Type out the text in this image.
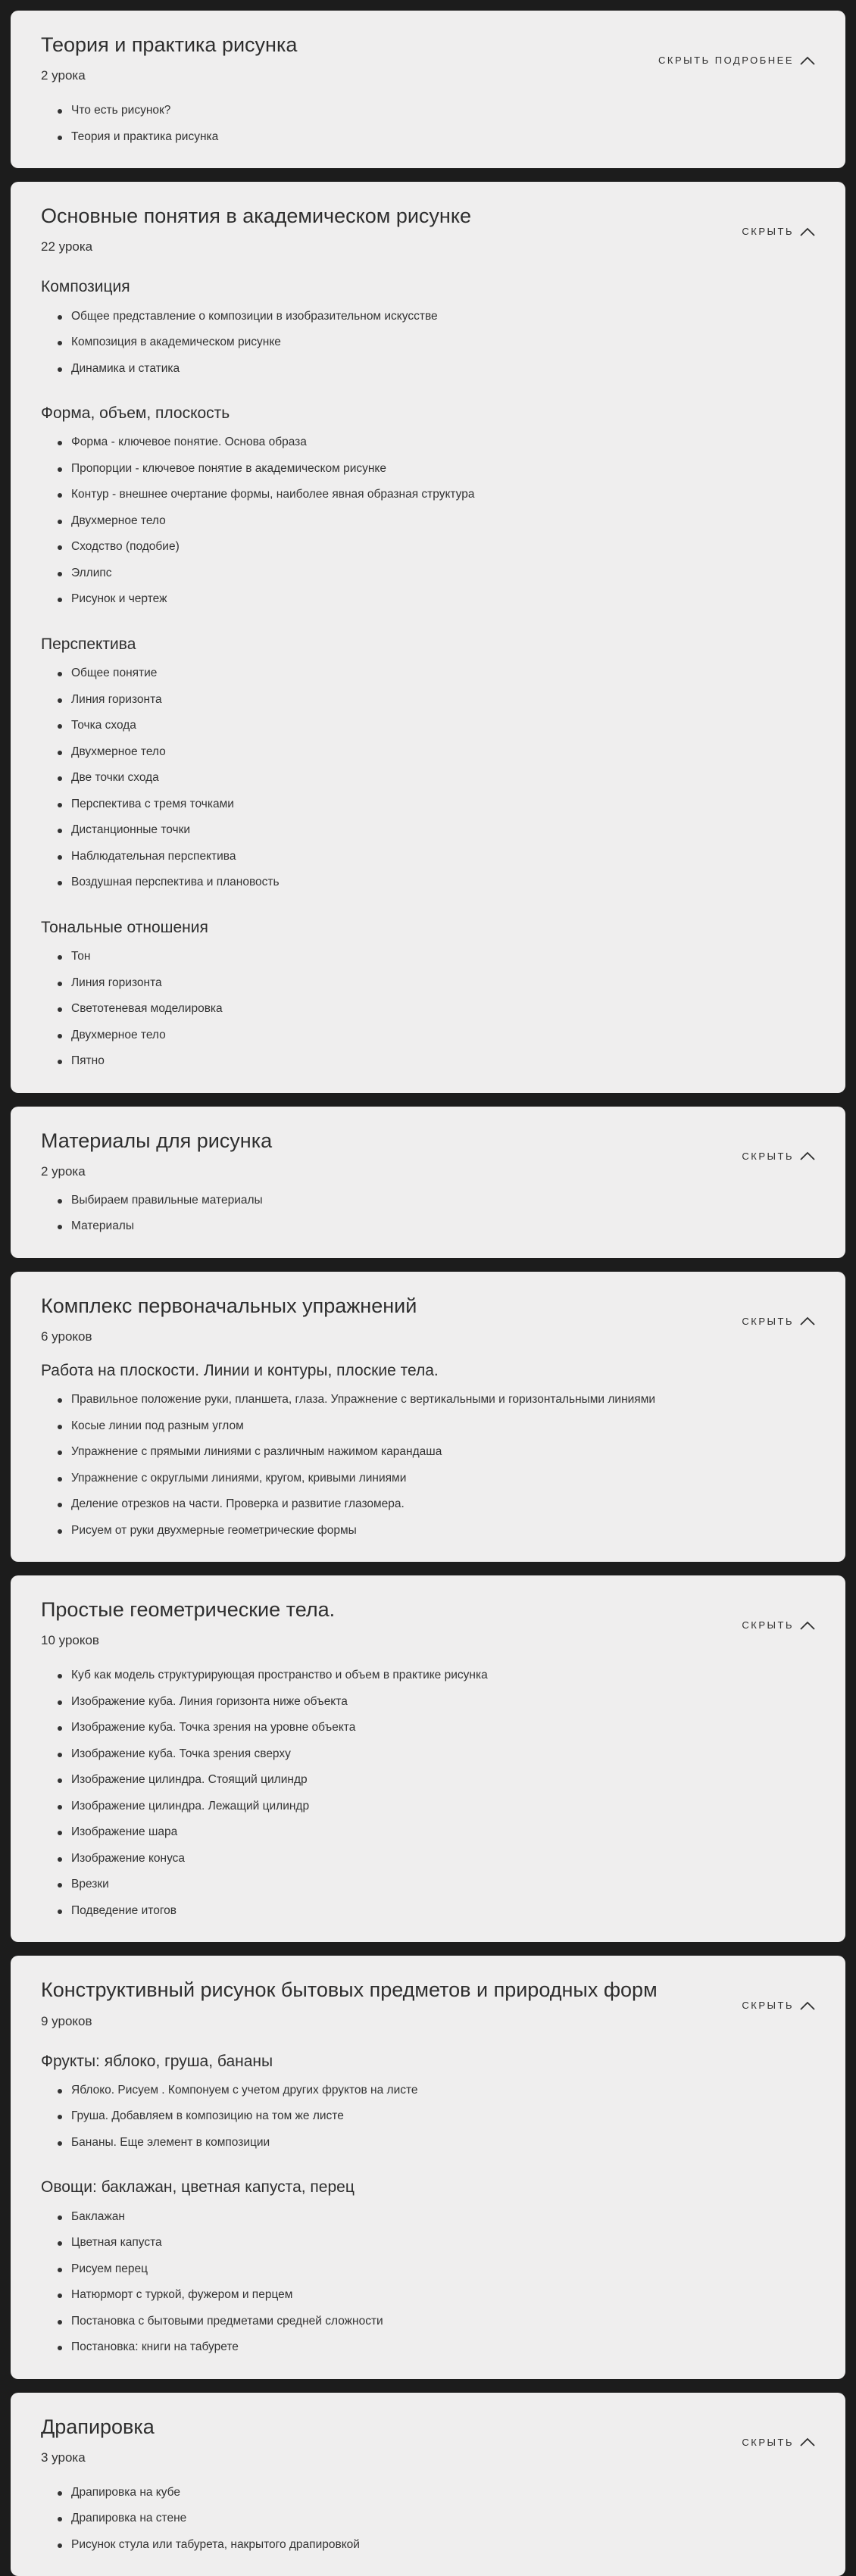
Теория и практика рисунка
2 урока
СКРЫТЬ ПОДРОБНЕЕ
Что есть рисунок?
Теория и практика рисунка
Основные понятия в академическом рисунке
22 урока
СКРЫТЬ
Композиция
Общее представление о композиции в изобразительном искусстве
Композиция в академическом рисунке
Динамика и статика
Форма, объем, плоскость
Форма - ключевое понятие. Основа образа
Пропорции - ключевое понятие в академическом рисунке
Контур - внешнее очертание формы, наиболее явная образная структура
Двухмерное тело
Сходство (подобие)
Эллипс
Рисунок и чертеж
Перспектива
Общее понятие
Линия горизонта
Точка схода
Двухмерное тело
Две точки схода
Перспектива с тремя точками
Дистанционные точки
Наблюдательная перспектива
Воздушная перспектива и плановость
Тональные отношения
Тон
Линия горизонта
Светотеневая моделировка
Двухмерное тело
Пятно
Материалы для рисунка
2 урока
СКРЫТЬ
Выбираем правильные материалы
Материалы
Комплекс первоначальных упражнений
6 уроков
СКРЫТЬ
Работа на плоскости. Линии и контуры, плоские тела.
Правильное положение руки, планшета, глаза. Упражнение с вертикальными и горизонтальными линиями
Косые линии под разным углом
Упражнение с прямыми линиями с различным нажимом карандаша
Упражнение с округлыми линиями, кругом, кривыми линиями
Деление отрезков на части. Проверка и развитие глазомера.
Рисуем от руки двухмерные геометрические формы
Простые геометрические тела.
10 уроков
СКРЫТЬ
Куб как модель структурирующая пространство и объем в практике рисунка
Изображение куба. Линия горизонта ниже объекта
Изображение куба. Точка зрения на уровне объекта
Изображение куба. Точка зрения сверху
Изображение цилиндра. Стоящий цилиндр
Изображение цилиндра. Лежащий цилиндр
Изображение шара
Изображение конуса
Врезки
Подведение итогов
Конструктивный рисунок бытовых предметов и природных форм
9 уроков
СКРЫТЬ
Фрукты: яблоко, груша, бананы
Яблоко. Рисуем . Компонуем с учетом других фруктов на листе
Груша. Добавляем в композицию на том же листе
Бананы. Еще элемент в композиции
Овощи: баклажан, цветная капуста, перец
Баклажан
Цветная капуста
Рисуем перец
Натюрморт с туркой, фужером и перцем
Постановка с бытовыми предметами средней сложности
Постановка: книги на табурете
Драпировка
3 урока
СКРЫТЬ
Драпировка на кубе
Драпировка на стене
Рисунок стула или табурета, накрытого драпировкой
